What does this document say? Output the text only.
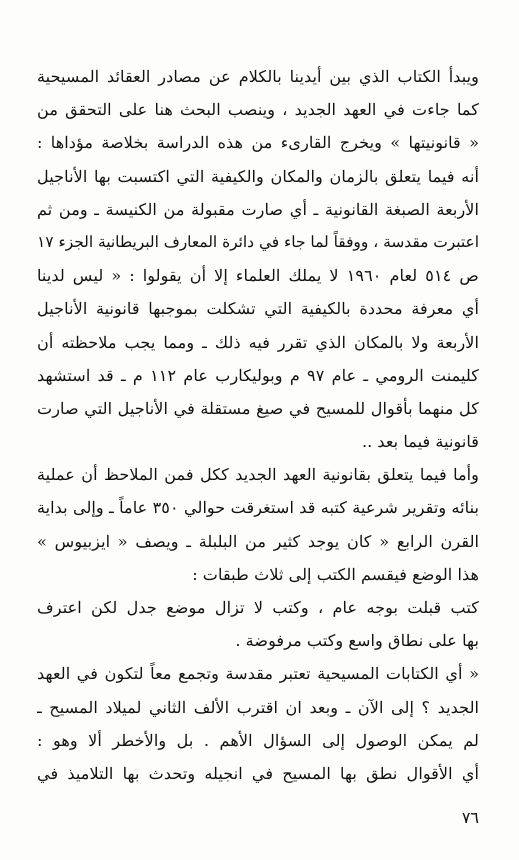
ويبدأ الكتاب الذي بين أيدينا بالكلام عن مصادر العقائد المسيحية
كما جاءت في العهد الجديد ، وينصب البحث هنا على التحقق من
« قانونيتها » ويخرج القارىء من هذه الدراسة بخلاصة مؤداها :
أنه فيما يتعلق بالزمان والمكان والكيفية التي اكتسبت بها الأناجيل
الأربعة الصبغة القانونية ـ أي صارت مقبولة من الكنيسة ـ ومن ثم
اعتبرت مقدسة ، ووفقاً لما جاء في دائرة المعارف البريطانية الجزء ١٧
ص ٥١٤ لعام ١٩٦٠ لا يملك العلماء إلا أن يقولوا : « ليس لدينا
أي معرفة محددة بالكيفية التي تشكلت بموجبها قانونية الأناجيل
الأربعة ولا بالمكان الذي تقرر فيه ذلك ـ ومما يجب ملاحظته أن
كليمنت الرومي ـ عام ٩٧ م وبوليكارب عام ١١٢ م ـ قد استشهد
كل منهما بأقوال للمسيح في صيغ مستقلة في الأناجيل التي صارت
قانونية فيما بعد ..
وأما فيما يتعلق بقانونية العهد الجديد ككل فمن الملاحظ أن عملية
بنائه وتقرير شرعية كتبه قد استغرقت حوالي ٣٥٠ عاماً ـ وإلى بداية
القرن الرابع « كان يوجد كثير من البلبلة ـ ويصف « ايزبيوس »
هذا الوضع فيقسم الكتب إلى ثلاث طبقات :
كتب قبلت بوجه عام ، وكتب لا تزال موضع جدل لكن اعترف
بها على نطاق واسع وكتب مرفوضة .
« أي الكتابات المسيحية تعتبر مقدسة وتجمع معاً لتكون في العهد
الجديد ؟ إلى الآن ـ وبعد ان اقترب الألف الثاني لميلاد المسيح ـ
لم يمكن الوصول إلى السؤال الأهم . بل والأخطر ألا وهو :
أي الأقوال نطق بها المسيح في انجيله وتحدث بها التلاميذ في
٧٦
